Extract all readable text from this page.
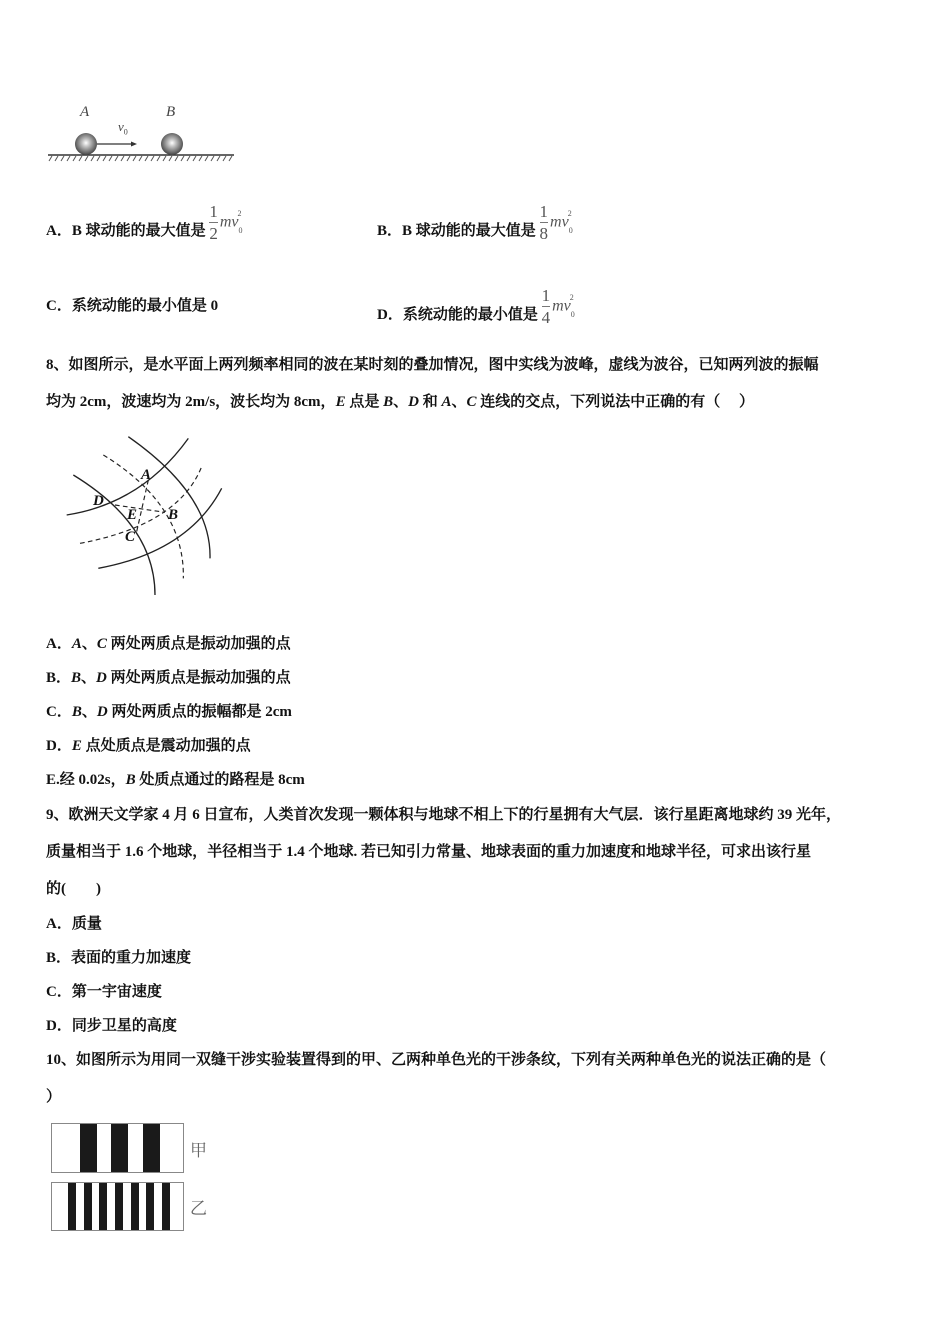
A	B
$v_0$
A．B 球动能的最大值是 $\frac{1}{2} mv_0^2$
B．B 球动能的最大值是 $\frac{1}{8} mv_0^2$
C．系统动能的最小值是 0
D．系统动能的最小值是 $\frac{1}{4} mv_0^2$
8、如图所示，是水平面上两列频率相同的波在某时刻的叠加情况，图中实线为波峰，虚线为波谷，已知两列波的振幅
均为 2cm，波速均为 2m/s，波长均为 8cm，E 点是 B、D 和 A、C 连线的交点，下列说法中正确的有（　 ）
A
D
E B
C
A．A、C 两处两质点是振动加强的点
B．B、D 两处两质点是振动加强的点
C．B、D 两处两质点的振幅都是 2cm
D．E 点处质点是震动加强的点
E.经 0.02s，B 处质点通过的路程是 8cm
9、欧洲天文学家 4 月 6 日宣布，人类首次发现一颗体积与地球不相上下的行星拥有大气层．该行星距离地球约 39 光年，
质量相当于 1.6 个地球，半径相当于 1.4 个地球. 若已知引力常量、地球表面的重力加速度和地球半径，可求出该行星
的(　　)
A．质量
B．表面的重力加速度
C．第一宇宙速度
D．同步卫星的高度
10、如图所示为用同一双缝干涉实验装置得到的甲、乙两种单色光的干涉条纹，下列有关两种单色光的说法正确的是（
）
甲
乙
